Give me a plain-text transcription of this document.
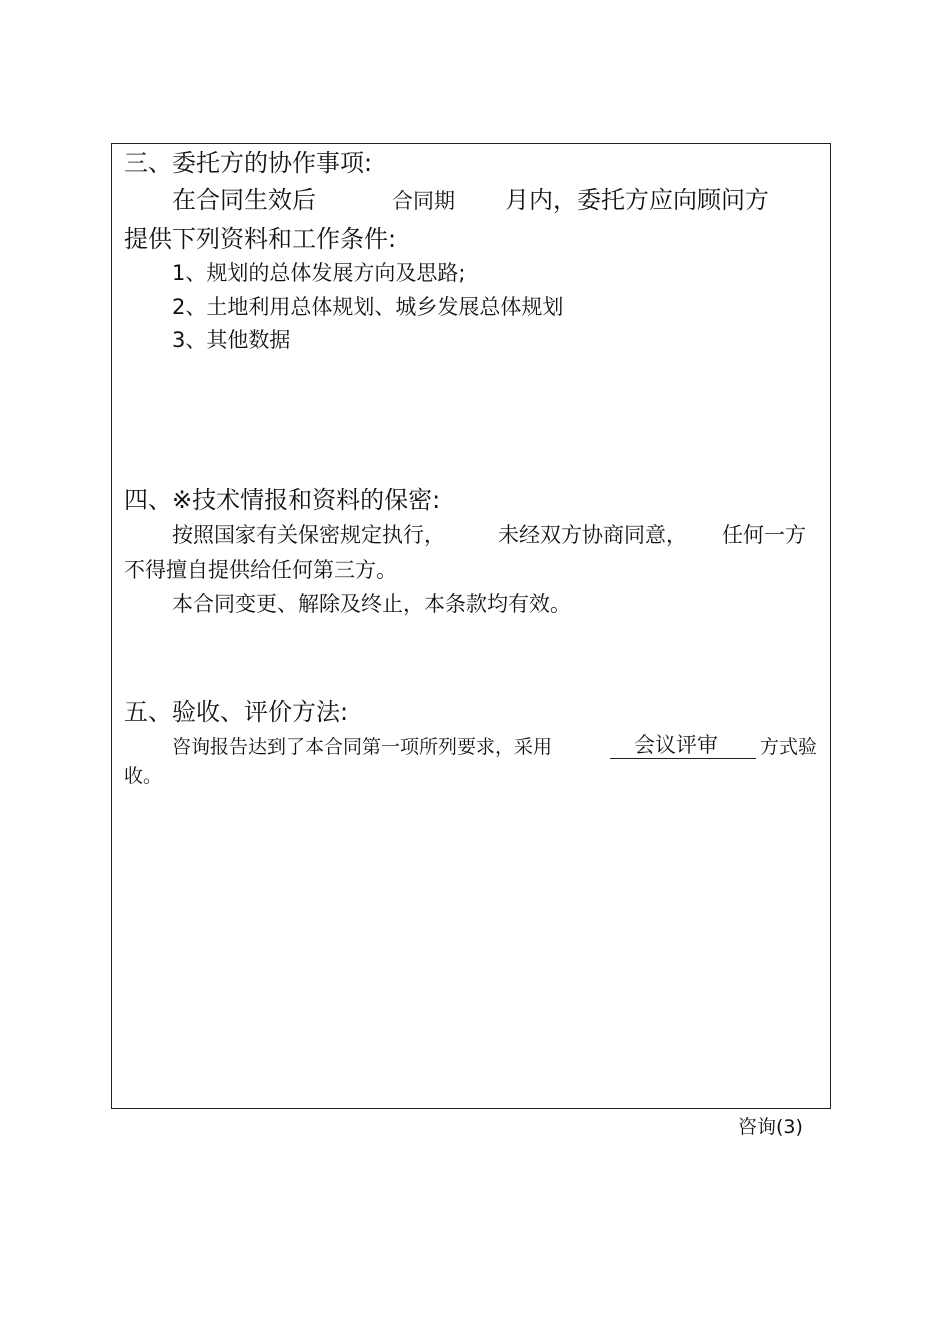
三、委托方的协作事项:
在合同生效后	合同期 月内，委托方应向顾问方
提供下列资料和工作条件:
1、规划的总体发展方向及思路;
2、土地利用总体规划、城乡发展总体规划
3、其他数据
四、※技术情报和资料的保密:
按照国家有关保密规定执行，	未经双方协商同意， 任何一方
不得擅自提供给任何第三方。
本合同变更、解除及终止，本条款均有效。
五、验收、评价方法:
咨询报告达到了本合同第一项所列要求，采用	会议评审 方式验
收。
咨询(3)
